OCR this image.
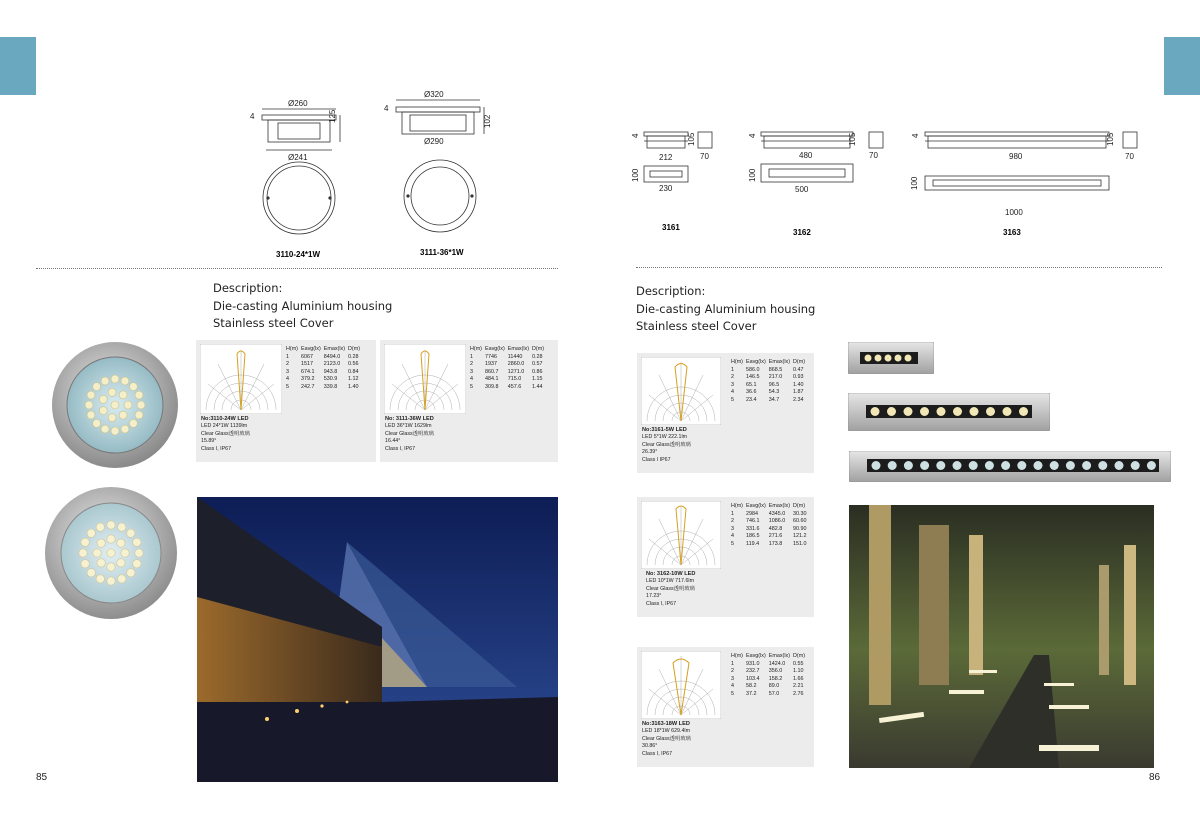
Ø260
4
Ø241
125
3110-24*1W
Ø320
4
Ø290
102
3111-36*1W
Description:
Die-casting Aluminium housing
Stainless steel Cover
H(m)	Eavg(lx)	Emax(lx)	D(m)
1	6067	8494.0	0.28
2	1517	2123.0	0.56
3	674.1	943.8	0.84
4	379.2	530.9	1.12
5	242.7	339.8	1.40
No:3110-24W LED
LED 24*1W 1139lm
Clear Glass透明玻璃
15.89°
Class I, IP67
H(m)	Eavg(lx)	Emax(lx)	D(m)
1	7746	11440	0.28
2	1937	2860.0	0.57
3	860.7	1271.0	0.86
4	484.1	715.0	1.15
5	309.8	457.6	1.44
No: 3111-36W LED
LED 36*1W 1629lm
Clear Glass透明玻璃
16.44°
Class I, IP67
85
4
212
105
70
100
230
3161
4
480
105
70
100
500
3162
4
980
105
70
100
1000
3163
Description:
Die-casting Aluminium housing
Stainless steel Cover
H(m)	Eavg(lx)	Emax(lx)	D(m)
1	586.0	868.5	0.47
2	146.5	217.0	0.93
3	65.1	96.5	1.40
4	36.6	54.3	1.87
5	23.4	34.7	2.34
No:3161-5W LED
LED 5*1W 222.1lm
Clear Glass透明玻璃
26.39°
Class I IP67
H(m)	Eavg(lx)	Emax(lx)	D(m)
1	2984	4345.0	30.30
2	746.1	1086.0	60.60
3	331.6	482.8	90.90
4	186.5	271.6	121.2
5	119.4	173.8	151.0
No: 3162-10W LED
LED 10*1W 717.6lm
Clear Glass透明玻璃
17.23°
Class I, IP67
H(m)	Eavg(lx)	Emax(lx)	D(m)
1	931.0	1424.0	0.55
2	232.7	356.0	1.10
3	103.4	158.2	1.66
4	58.2	89.0	2.21
5	37.2	57.0	2.76
No:3163-18W LED
LED 18*1W 629.4lm
Clear Glass透明玻璃
30.86°
Class I, IP67
86
